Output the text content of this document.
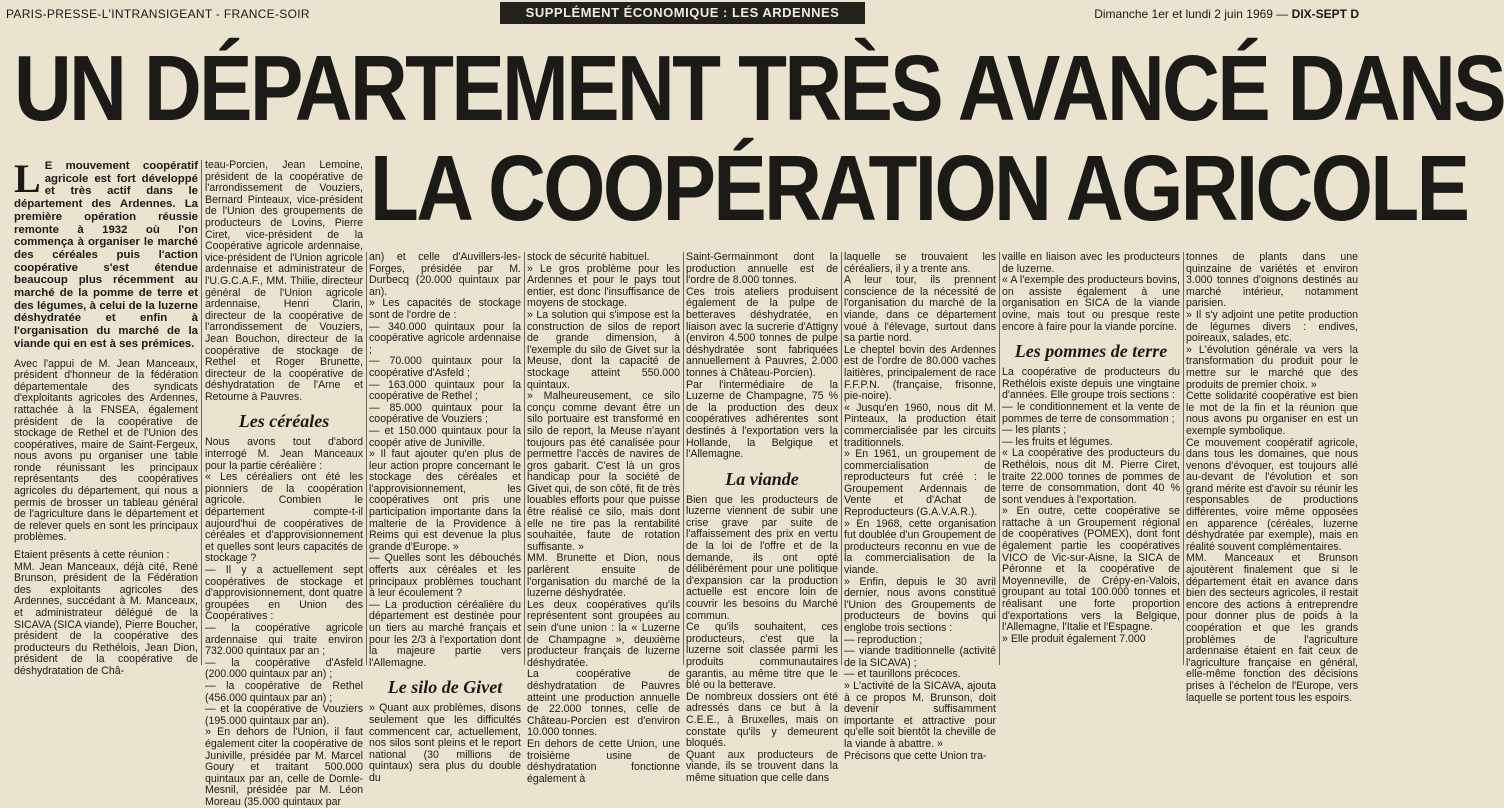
PARIS-PRESSE-L'INTRANSIGEANT - FRANCE-SOIR	SUPPLÉMENT ÉCONOMIQUE : LES ARDENNES	Dimanche 1er et lundi 2 juin 1969 — DIX-SEPT D
UN DÉPARTEMENT TRÈS AVANCÉ DANS
LA COOPÉRATION AGRICOLE

L E mouvement coopératif agricole est fort développé et très actif dans le département des Ardennes. La première opération réussie remonte à 1932 où l'on commença à organiser le marché des céréales puis l'action coopérative s'est étendue beaucoup plus récemment au marché de la pomme de terre et des légumes, à celui de la luzerne déshydratée et enfin à l'organisation du marché de la viande qui en est à ses prémices.

Avec l'appui de M. Jean Manceaux, président d'honneur de la fédération départementale des syndicats d'exploitants agricoles des Ardennes, rattachée à la FNSEA, également président de la coopérative de stockage de Rethel et de l'Union des coopératives, maire de Saint-Fergeux, nous avons pu organiser une table ronde réunissant les principaux représentants des coopératives agricoles du département, qui nous a permis de brosser un tableau général de l'agriculture dans le département et de relever quels en sont les principaux problèmes.

Etaient présents à cette réunion :

MM. Jean Manceaux, déjà cité, René Brunson, président de la Fédération des exploitants agricoles des Ardennes, succédant à M. Manceaux, et administrateur délégué de la SICAVA (SICA viande), Pierre Boucher, président de la coopérative des producteurs du Rethélois, Jean Dion, président de la coopérative de déshydratation de Châ-

teau-Porcien, Jean Lemoine, président de la coopérative de l'arrondissement de Vouziers, Bernard Pinteaux, vice-président de l'Union des groupements de producteurs de Lovins, Pierre Ciret, vice-président de la Coopérative agricole ardennaise, vice-président de l'Union agricole ardennaise et administrateur de l'U.G.C.A.F., MM. Thilie, directeur général de l'Union agricole ardennaise, Henri Clarin, directeur de la coopérative de l'arrondissement de Vouziers, Jean Bouchon, directeur de la coopérative de stockage de Rethel et Roger Brunette, directeur de la coopérative de déshydratation de l'Arne et Retourne à Pauvres.

Les céréales

Nous avons tout d'abord interrogé M. Jean Manceaux pour la partie céréalière :

« Les céréaliers ont été les pionniers de la coopération agricole. Combien le département compte-t-il aujourd'hui de coopératives de céréales et d'approvisionnement et quelles sont leurs capacités de stockage ?

— Il y a actuellement sept coopératives de stockage et d'approvisionnement, dont quatre groupées en Union des Coopératives :

— la coopérative agricole ardennaise qui traite environ 732.000 quintaux par an ;

— la coopérative d'Asfeld (200.000 quintaux par an) ;

— la coopérative de Rethel (456.000 quintaux par an) ;

— et la coopérative de Vouziers (195.000 quintaux par an).

» En dehors de l'Union, il faut également citer la coopérative de Juniville, présidée par M. Marcel Goury et traitant 500.000 quintaux par an, celle de Domle-Mesnil, présidée par M. Léon Moreau (35.000 quintaux par

an) et celle d'Auvillers-les-Forges, présidée par M. Durbecq (20.000 quintaux par an).

» Les capacités de stockage sont de l'ordre de :

— 340.000 quintaux pour la coopérative agricole ardennaise ;

— 70.000 quintaux pour la coopérative d'Asfeld ;

— 163.000 quintaux pour la coopérative de Rethel ;

— 85.000 quintaux pour la coopérative de Vouziers ;

— et 150.000 quintaux pour la coopér ative de Juniville.

» Il faut ajouter qu'en plus de leur action propre concernant le stockage des céréales et l'approvisionnement, les coopératives ont pris une participation importante dans la malterie de la Providence à Reims qui est devenue la plus grande d'Europe. »

— Quelles sont les débouchés offerts aux céréales et les principaux problèmes touchant à leur écoulement ?

— La production céréalière du département est destinée pour un tiers au marché français et pour les 2/3 à l'exportation dont la majeure partie vers l'Allemagne.

Le silo de Givet

» Quant aux problèmes, disons seulement que les difficultés commencent car, actuellement, nos silos sont pleins et le report national (30 millions de quintaux) sera plus du double du

stock de sécurité habituel.

» Le gros problème pour les Ardennes et pour le pays tout entier, est donc l'insuffisance de moyens de stockage.

» La solution qui s'impose est la construction de silos de report de grande dimension, à l'exemple du silo de Givet sur la Meuse, dont la capacité de stockage atteint 550.000 quintaux.

» Malheureusement, ce silo conçu comme devant être un silo portuaire est transformé en silo de report, la Meuse n'ayant toujours pas été canalisée pour permettre l'accès de navires de gros gabarit. C'est là un gros handicap pour la société de Givet qui, de son côté, fit de très louables efforts pour que puisse être réalisé ce silo, mais dont elle ne tire pas la rentabilité souhaitée, faute de rotation suffisante. »

MM. Brunette et Dion, nous parlèrent ensuite de l'organisation du marché de la luzerne déshydratée.

Les deux coopératives qu'ils représentent sont groupées au sein d'une union : la « Luzerne de Champagne », deuxième producteur français de luzerne déshydratée.

La coopérative de déshydratation de Pauvres atteint une production annuelle de 22.000 tonnes, celle de Château-Porcien est d'environ 10.000 tonnes.

En dehors de cette Union, une troisième usine de déshydratation fonctionne également à

Saint-Germainmont dont la production annuelle est de l'ordre de 8.000 tonnes.

Ces trois ateliers produisent également de la pulpe de betteraves déshydratée, en liaison avec la sucrerie d'Attigny (environ 4.500 tonnes de pulpe déshydratée sont fabriquées annuellement à Pauvres, 2.000 tonnes à Château-Porcien).

Par l'intermédiaire de la Luzerne de Champagne, 75 % de la production des deux coopératives adhérentes sont destinés à l'exportation vers la Hollande, la Belgique et l'Allemagne.

La viande

Bien que les producteurs de luzerne viennent de subir une crise grave par suite de l'affaissement des prix en vertu de la loi de l'offre et de la demande, ils ont opté délibérément pour une politique d'expansion car la production actuelle est encore loin de couvrir les besoins du Marché commun.

Ce qu'ils souhaitent, ces producteurs, c'est que la luzerne soit classée parmi les produits communautaires garantis, au même titre que le blé ou la betterave.

De nombreux dossiers ont été adressés dans ce but à la C.E.E., à Bruxelles, mais on constate qu'ils y demeurent bloqués.

Quant aux producteurs de viande, ils se trouvent dans la même situation que celle dans

laquelle se trouvaient les céréaliers, il y a trente ans.

A leur tour, ils prennent conscience de la nécessité de l'organisation du marché de la viande, dans ce département voué à l'élevage, surtout dans sa partie nord.

Le cheptel bovin des Ardennes est de l'ordre de 80.000 vaches laitières, principalement de race F.F.P.N. (française, frisonne, pie-noire).

« Jusqu'en 1960, nous dit M. Pinteaux, la production était commercialisée par les circuits traditionnels.

» En 1961, un groupement de commercialisation de reproducteurs fut créé : le Groupement Ardennais de Vente et d'Achat de Reproducteurs (G.A.V.A.R.).

» En 1968, cette organisation fut doublée d'un Groupement de producteurs reconnu en vue de la commercialisation de la viande.

» Enfin, depuis le 30 avril dernier, nous avons constitué l'Union des Groupements de producteurs de bovins qui englobe trois sections :

— reproduction ;

— viande traditionnelle (activité de la SICAVA) ;

— et taurillons précoces.

» L'activité de la SICAVA, ajouta à ce propos M. Brunson, doit devenir suffisamment importante et attractive pour qu'elle soit bientôt la cheville de la viande à abattre. »

Précisons que cette Union tra-

vaille en liaison avec les producteurs de luzerne.

« A l'exemple des producteurs bovins, on assiste également à une organisation en SICA de la viande ovine, mais tout ou presque reste encore à faire pour la viande porcine.

Les pommes de terre

La coopérative de producteurs du Rethélois existe depuis une vingtaine d'années. Elle groupe trois sections :

— le conditionnement et la vente de pommes de terre de consommation ;

— les plants ;

— les fruits et légumes.

« La coopérative des producteurs du Rethélois, nous dit M. Pierre Ciret, traite 22.000 tonnes de pommes de terre de consommation, dont 40 % sont vendues à l'exportation.

» En outre, cette coopérative se rattache à un Groupement régional de coopératives (POMEX), dont font également partie les coopératives VICO de Vic-sur-Aisne, la SICA de Péronne et la coopérative de Moyenneville, de Crépy-en-Valois, groupant au total 100.000 tonnes et réalisant une forte proportion d'exportations vers la Belgique, l'Allemagne, l'Italie et l'Espagne.

» Elle produit également 7.000

tonnes de plants dans une quinzaine de variétés et environ 3.000 tonnes d'oignons destinés au marché intérieur, notamment parisien.

» Il s'y adjoint une petite production de légumes divers : endives, poireaux, salades, etc.

» L'évolution générale va vers la transformation du produit pour le mettre sur le marché que des produits de premier choix. »

Cette solidarité coopérative est bien le mot de la fin et la réunion que nous avons pu organiser en est un exemple symbolique.

Ce mouvement coopératif agricole, dans tous les domaines, que nous venons d'évoquer, est toujours allé au-devant de l'évolution et son grand mérite est d'avoir su réunir les responsables de productions différentes, voire même opposées en apparence (céréales, luzerne déshydratée par exemple), mais en réalité souvent complémentaires.

MM. Manceaux et Brunson ajoutèrent finalement que si le département était en avance dans bien des secteurs agricoles, il restait encore des actions à entreprendre pour donner plus de poids à la coopération et que les grands problèmes de l'agriculture ardennaise étaient en fait ceux de l'agriculture française en général, elle-même fonction des décisions prises à l'échelon de l'Europe, vers laquelle se portent tous les espoirs.
